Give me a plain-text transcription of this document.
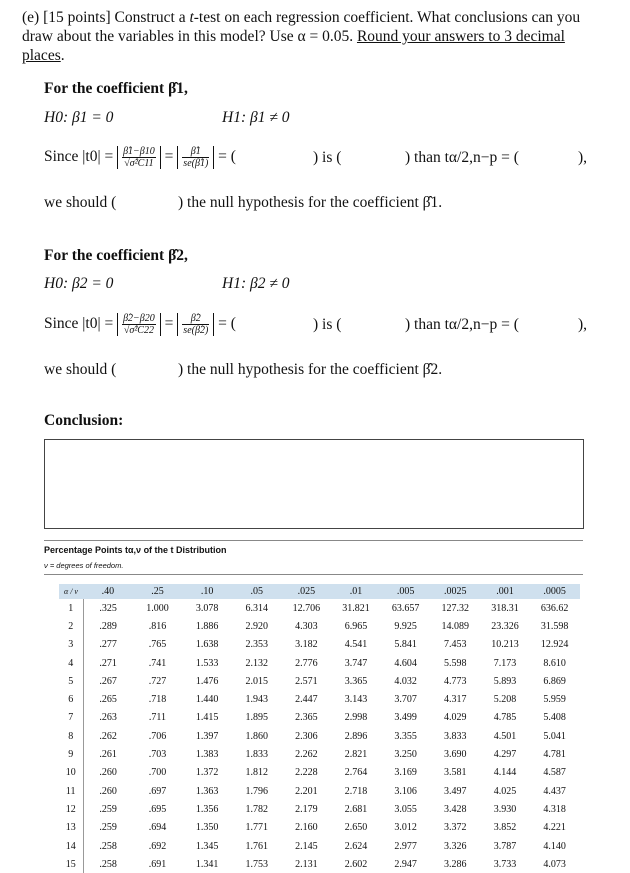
(e) [15 points] Construct a t-test on each regression coefficient. What conclusions can you draw about the variables in this model? Use α = 0.05. Round your answers to 3 decimal places.
For the coefficient β̂1,
H0: β1 = 0	H1: β1 ≠ 0
Since $|t0| = \frac{\betâ1-\beta 10}{\text{√σ̂²C11}} = \frac{\betâ1}{se(\betâ1)}$ = (	) is (	) than tα/2,n−p = (	),
we should (	) the null hypothesis for the coefficient β̂1.
For the coefficient β̂2,
H0: β2 = 0	H1: β2 ≠ 0
Since $|t0| = \frac{\betâ2-\beta 20}{\text{√σ̂²C22}} = \frac{\betâ2}{se(\betâ2)}$ = (	) is (	) than tα/2,n−p = (	),
we should (	) the null hypothesis for the coefficient β̂2.
Conclusion:
Percentage Points tα,ν of the t Distribution
ν = degrees of freedom.
α / ν	.40	.25	.10	.05	.025	.01	.005	.0025	.001	.0005
1	.325	1.000	3.078	6.314	12.706	31.821	63.657	127.32	318.31	636.62
2	.289	.816	1.886	2.920	4.303	6.965	9.925	14.089	23.326	31.598
3	.277	.765	1.638	2.353	3.182	4.541	5.841	7.453	10.213	12.924
4	.271	.741	1.533	2.132	2.776	3.747	4.604	5.598	7.173	8.610
5	.267	.727	1.476	2.015	2.571	3.365	4.032	4.773	5.893	6.869
6	.265	.718	1.440	1.943	2.447	3.143	3.707	4.317	5.208	5.959
7	.263	.711	1.415	1.895	2.365	2.998	3.499	4.029	4.785	5.408
8	.262	.706	1.397	1.860	2.306	2.896	3.355	3.833	4.501	5.041
9	.261	.703	1.383	1.833	2.262	2.821	3.250	3.690	4.297	4.781
10	.260	.700	1.372	1.812	2.228	2.764	3.169	3.581	4.144	4.587
11	.260	.697	1.363	1.796	2.201	2.718	3.106	3.497	4.025	4.437
12	.259	.695	1.356	1.782	2.179	2.681	3.055	3.428	3.930	4.318
13	.259	.694	1.350	1.771	2.160	2.650	3.012	3.372	3.852	4.221
14	.258	.692	1.345	1.761	2.145	2.624	2.977	3.326	3.787	4.140
15	.258	.691	1.341	1.753	2.131	2.602	2.947	3.286	3.733	4.073
